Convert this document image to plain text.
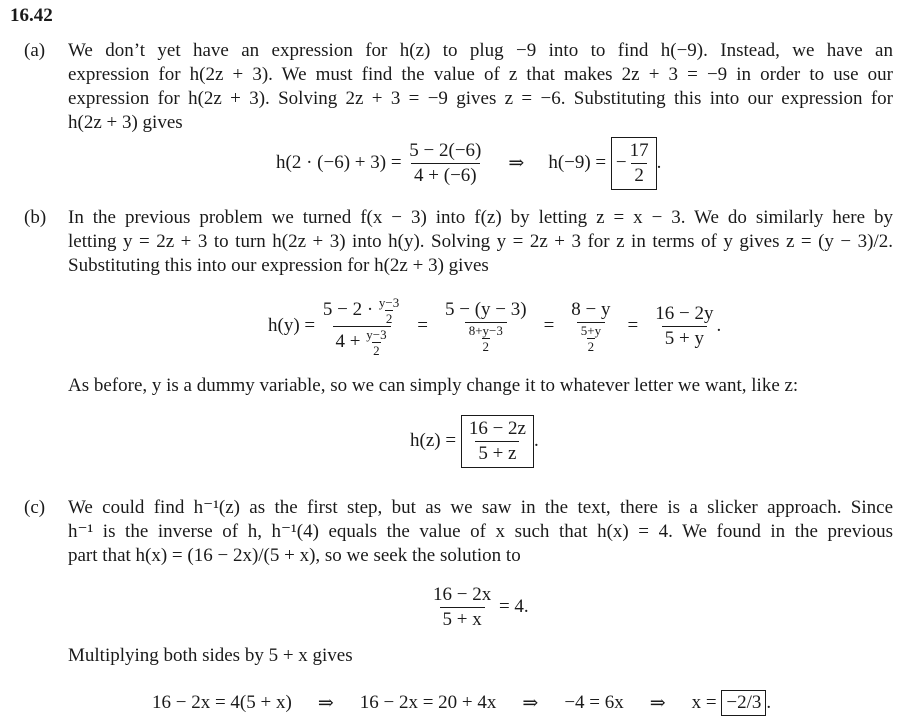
16.42
(a) We don’t yet have an expression for h(z) to plug −9 into to find h(−9). Instead, we have an
expression for h(2z + 3). We must find the value of z that makes 2z + 3 = −9 in order to use our
expression for h(2z + 3). Solving 2z + 3 = −9 gives z = −6. Substituting this into our expression for
h(2z + 3) gives
h(2 · (−6) + 3) =
$\frac{5 - 2(-6)}{4 + (-6)}$ ⇒ h(−9) =
− $\frac{17}{2}$ .
(b) In the previous problem we turned f(x − 3) into f(z) by letting z = x − 3. We do similarly here by
letting y = 2z + 3 to turn h(2z + 3) into h(y). Solving y = 2z + 3 for z in terms of y gives z = (y − 3)/2.
Substituting this into our expression for h(2z + 3) gives
h(y) =
5 − 2 ·
$\frac{y-3}{2}$
4 +
$\frac{y-3}{2} = \frac{5 - (y - 3)}{\frac{8+y-3}{2}} = \frac{8 - y}{\frac{5+y}{2}} = \frac{16 - 2y}{5 + y}$ .
As before, y is a dummy variable, so we can simply change it to whatever letter we want, like z:
h(z) =
$\frac{16 - 2z}{5 + z}$ .
(c) We could find h⁻¹(z) as the first step, but as we saw in the text, there is a slicker approach. Since
h⁻¹ is the inverse of h, h⁻¹(4) equals the value of x such that h(x) = 4. We found in the previous
part that h(x) = (16 − 2x)/(5 + x), so we seek the solution to
$\frac{16 - 2x}{5 + x}$
= 4.
Multiplying both sides by 5 + x gives
16 − 2x = 4(5 + x) ⇒ 16 − 2x = 20 + 4x ⇒ −4 = 6x ⇒ x =
−2/3 .
